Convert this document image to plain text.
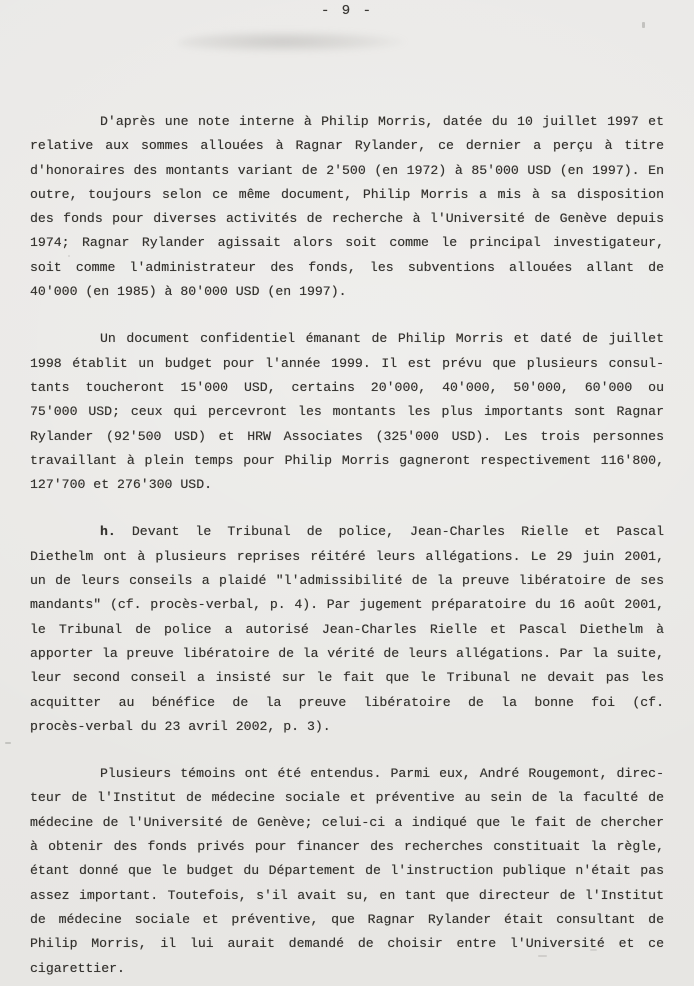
- 9 -
D'après une note interne à Philip Morris, datée du 10 juillet 1997 et
relative aux sommes allouées à Ragnar Rylander, ce dernier a perçu à titre
d'honoraires des montants variant de 2'500 (en 1972) à 85'000 USD (en 1997). En
outre, toujours selon ce même document, Philip Morris a mis à sa disposition
des fonds pour diverses activités de recherche à l'Université de Genève depuis
1974; Ragnar Rylander agissait alors soit comme le principal investigateur,
soit comme l'administrateur des fonds, les subventions allouées allant de
40'000 (en 1985) à 80'000 USD (en 1997).
Un document confidentiel émanant de Philip Morris et daté de juillet
1998 établit un budget pour l'année 1999. Il est prévu que plusieurs consul-
tants toucheront 15'000 USD, certains 20'000, 40'000, 50'000, 60'000 ou
75'000 USD; ceux qui percevront les montants les plus importants sont Ragnar
Rylander (92'500 USD) et HRW Associates (325'000 USD). Les trois personnes
travaillant à plein temps pour Philip Morris gagneront respectivement 116'800,
127'700 et 276'300 USD.
h. Devant le Tribunal de police, Jean-Charles Rielle et Pascal
Diethelm ont à plusieurs reprises réitéré leurs allégations. Le 29 juin 2001,
un de leurs conseils a plaidé "l'admissibilité de la preuve libératoire de ses
mandants" (cf. procès-verbal, p. 4). Par jugement préparatoire du 16 août 2001,
le Tribunal de police a autorisé Jean-Charles Rielle et Pascal Diethelm à
apporter la preuve libératoire de la vérité de leurs allégations. Par la suite,
leur second conseil a insisté sur le fait que le Tribunal ne devait pas les
acquitter au bénéfice de la preuve libératoire de la bonne foi (cf.
procès-verbal du 23 avril 2002, p. 3).
Plusieurs témoins ont été entendus. Parmi eux, André Rougemont, direc-
teur de l'Institut de médecine sociale et préventive au sein de la faculté de
médecine de l'Université de Genève; celui-ci a indiqué que le fait de chercher
à obtenir des fonds privés pour financer des recherches constituait la règle,
étant donné que le budget du Département de l'instruction publique n'était pas
assez important. Toutefois, s'il avait su, en tant que directeur de l'Institut
de médecine sociale et préventive, que Ragnar Rylander était consultant de
Philip Morris, il lui aurait demandé de choisir entre l'Université et ce
cigarettier.
